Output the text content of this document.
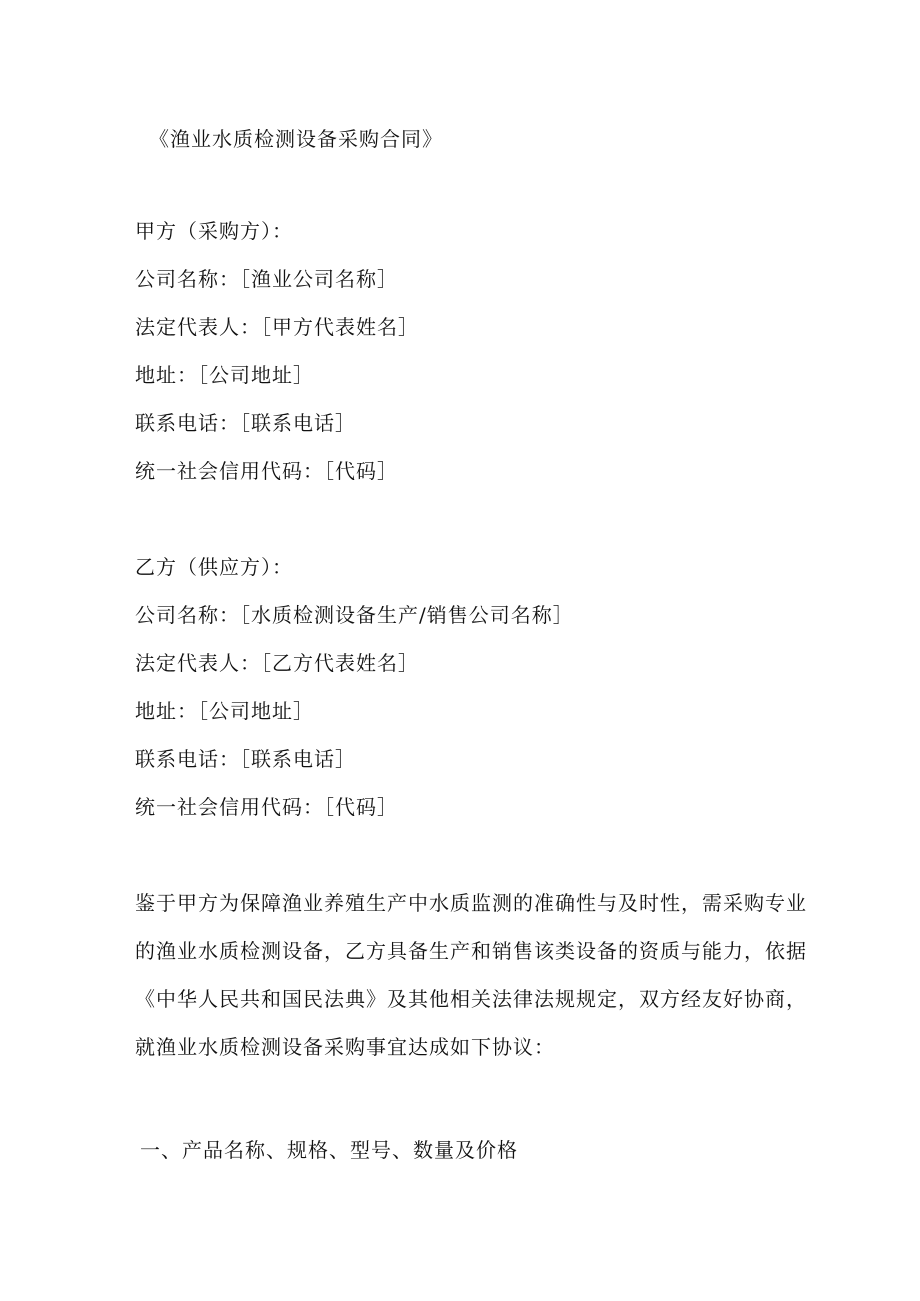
《渔业水质检测设备采购合同》
甲方（采购方）：
公司名称：［渔业公司名称］
法定代表人：［甲方代表姓名］
地址：［公司地址］
联系电话：［联系电话］
统一社会信用代码：［代码］
乙方（供应方）：
公司名称：［水质检测设备生产/销售公司名称］
法定代表人：［乙方代表姓名］
地址：［公司地址］
联系电话：［联系电话］
统一社会信用代码：［代码］
鉴于甲方为保障渔业养殖生产中水质监测的准确性与及时性，需采购专业
的渔业水质检测设备，乙方具备生产和销售该类设备的资质与能力，依据
《中华人民共和国民法典》及其他相关法律法规规定，双方经友好协商，
就渔业水质检测设备采购事宜达成如下协议：
一、产品名称、规格、型号、数量及价格
